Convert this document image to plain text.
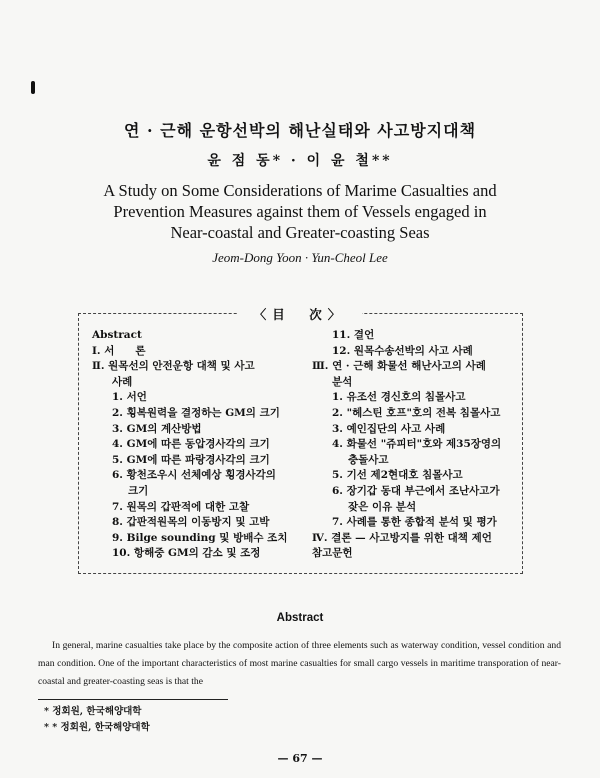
연 · 근해 운항선박의 해난실태와 사고방지대책
윤 점 동* · 이 윤 철**
A Study on Some Considerations of Marime Casualties and
Prevention Measures against them of Vessels engaged in
Near-coastal and Greater-coasting Seas
Jeom-Dong Yoon · Yun-Cheol Lee
〈目　次〉
Abstract
Ⅰ. 서　　론
Ⅱ. 원목선의 안전운항 대책 및 사고
사례
1. 서언
2. 횡복원력을 결정하는 GM의 크기
3. GM의 계산방법
4. GM에 따른 동압경사각의 크기
5. GM에 따른 파랑경사각의 크기
6. 황천조우시 선체예상 횡경사각의
크기
7. 원목의 갑판적에 대한 고찰
8. 갑판적원목의 이동방지 및 고박
9. Bilge sounding 및 방배수 조치
10. 항해중 GM의 감소 및 조정
11. 결언
12. 원목수송선박의 사고 사례
Ⅲ. 연 · 근해 화물선 해난사고의 사례
분석
1. 유조선 경신호의 침몰사고
2. "헤스틴 호프"호의 전복 침몰사고
3. 예인집단의 사고 사례
4. 화물선 "쥬피터"호와 제35장영의
충돌사고
5. 기선 제2현대호 침몰사고
6. 장기갑 동대 부근에서 조난사고가
잦은 이유 분석
7. 사례를 통한 종합적 분석 및 평가
Ⅳ. 결론 — 사고방지를 위한 대책 제언
참고문헌
Abstract
In general, marine casualties take place by the composite action of three elements such as waterway condition, vessel condition and man condition. One of the important characteristics of most marine casualties for small cargo vessels in maritime transporation of near-coastal and greater-coasting seas is that the
* 정회원, 한국해양대학
* * 정회원, 한국해양대학
— 67 —
